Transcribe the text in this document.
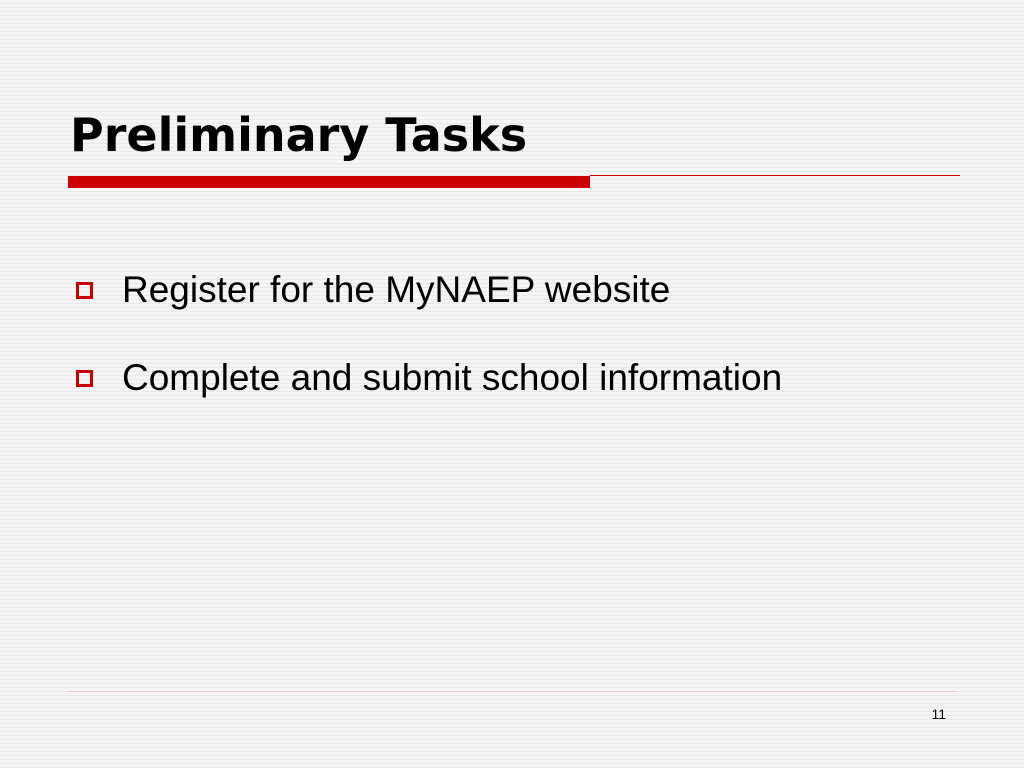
Preliminary Tasks
Register for the MyNAEP website
Complete and submit school information
11
